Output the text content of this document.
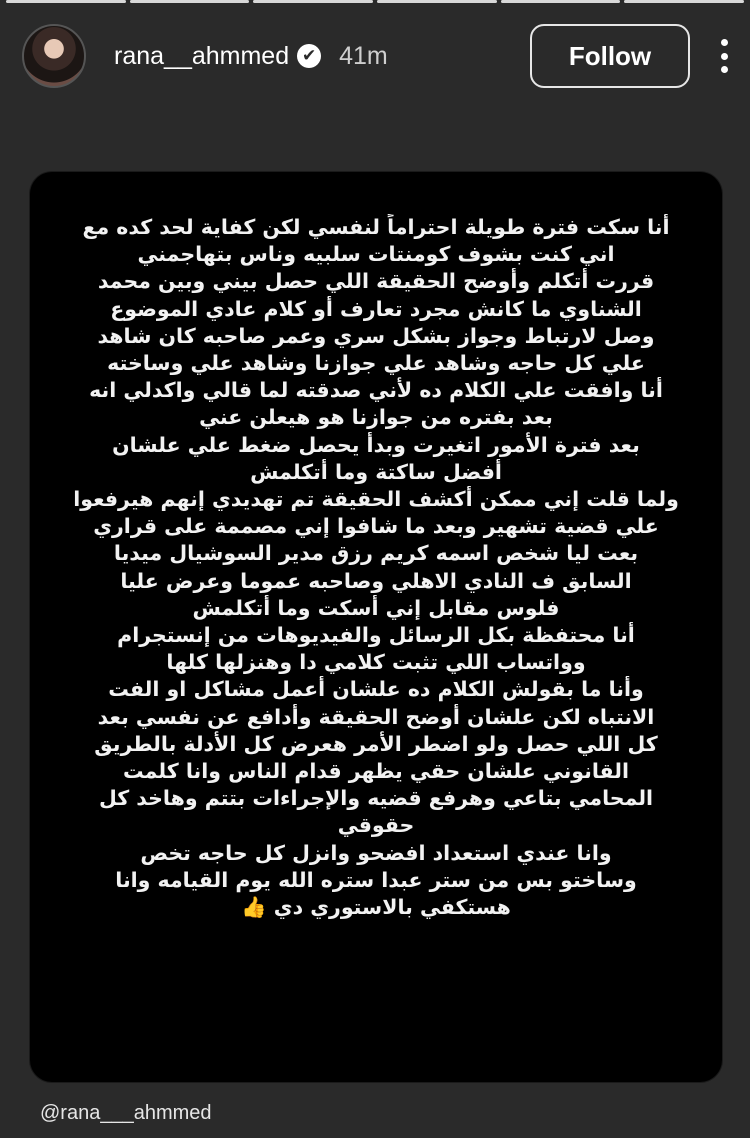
rana__ahmmed ✔ 41m	Follow
أنا سكت فترة طويلة احتراماً لنفسي لكن كفاية لحد كده مع
اني كنت بشوف كومنتات سلبيه وناس بتهاجمني
قررت أتكلم وأوضح الحقيقة اللي حصل بيني وبين محمد
الشناوي ما كانش مجرد تعارف أو كلام عادي الموضوع
وصل لارتباط وجواز بشكل سري وعمر صاحبه كان شاهد
علي كل حاجه وشاهد علي جوازنا وشاهد علي وساخته
أنا وافقت علي الكلام ده لأني صدقته لما قالي واكدلي انه
بعد بفتره من جوازنا هو هيعلن عني
بعد فترة الأمور اتغيرت وبدأ يحصل ضغط علي علشان
أفضل ساكتة وما أتكلمش
ولما قلت إني ممكن أكشف الحقيقة تم تهديدي إنهم هيرفعوا
علي قضية تشهير وبعد ما شافوا إني مصممة على قراري
بعت ليا شخص اسمه كريم رزق مدير السوشيال ميديا
السابق ف النادي الاهلي وصاحبه عموما وعرض عليا
فلوس مقابل إني أسكت وما أتكلمش
أنا محتفظة بكل الرسائل والفيديوهات من إنستجرام
وواتساب اللي تثبت كلامي دا وهنزلها كلها
وأنا ما بقولش الكلام ده علشان أعمل مشاكل او الفت
الانتباه لكن علشان أوضح الحقيقة وأدافع عن نفسي بعد
كل اللي حصل ولو اضطر الأمر هعرض كل الأدلة بالطريق
القانوني علشان حقي يظهر قدام الناس وانا كلمت
المحامي بتاعي وهرفع قضيه والإجراءات بتتم وهاخد كل
حقوقي
وانا عندي استعداد افضحو وانزل كل حاجه تخص
وساختو بس من ستر عبدا ستره الله يوم القيامه وانا
هستكفي بالاستوري دي 👍
@rana___ahmmed
